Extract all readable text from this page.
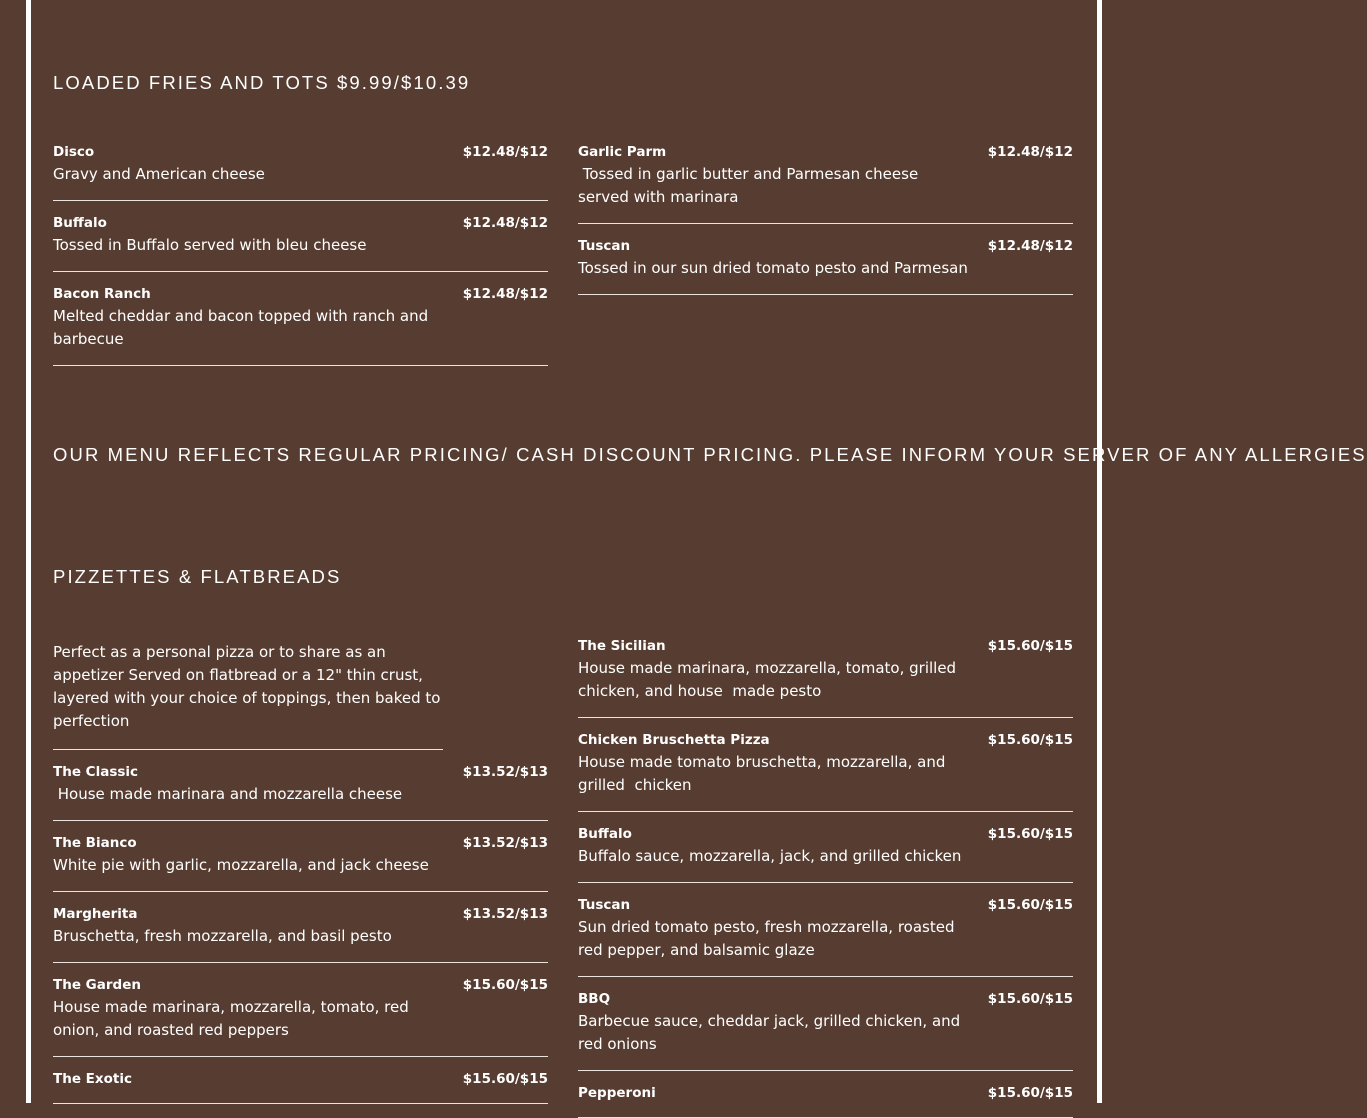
LOADED FRIES AND TOTS $9.99/$10.39
Disco
Gravy and American cheese
$12.48/$12
Buffalo
Tossed in Buffalo served with bleu cheese
$12.48/$12
Bacon Ranch
Melted cheddar and bacon topped with ranch and barbecue
$12.48/$12
Garlic Parm
Tossed in garlic butter and Parmesan cheese served with marinara
$12.48/$12
Tuscan
Tossed in our sun dried tomato pesto and Parmesan
$12.48/$12
OUR MENU REFLECTS REGULAR PRICING/ CASH DISCOUNT PRICING. PLEASE INFORM YOUR SERVER OF ANY ALLERGIES
PIZZETTES & FLATBREADS
Perfect as a personal pizza or to share as an appetizer Served on flatbread or a 12" thin crust, layered with your choice of toppings, then baked to perfection
The Classic
House made marinara and mozzarella cheese
$13.52/$13
The Bianco
White pie with garlic, mozzarella, and jack cheese
$13.52/$13
Margherita
Bruschetta, fresh mozzarella, and basil pesto
$13.52/$13
The Garden
House made marinara, mozzarella, tomato, red onion, and roasted red peppers
$15.60/$15
The Exotic	$15.60/$15
The Sicilian
House made marinara, mozzarella, tomato, grilled chicken, and house  made pesto
$15.60/$15
Chicken Bruschetta Pizza
House made tomato bruschetta, mozzarella, and grilled  chicken
$15.60/$15
Buffalo
Buffalo sauce, mozzarella, jack, and grilled chicken
$15.60/$15
Tuscan
Sun dried tomato pesto, fresh mozzarella, roasted red pepper, and balsamic glaze
$15.60/$15
BBQ
Barbecue sauce, cheddar jack, grilled chicken, and red onions
$15.60/$15
Pepperoni	$15.60/$15
